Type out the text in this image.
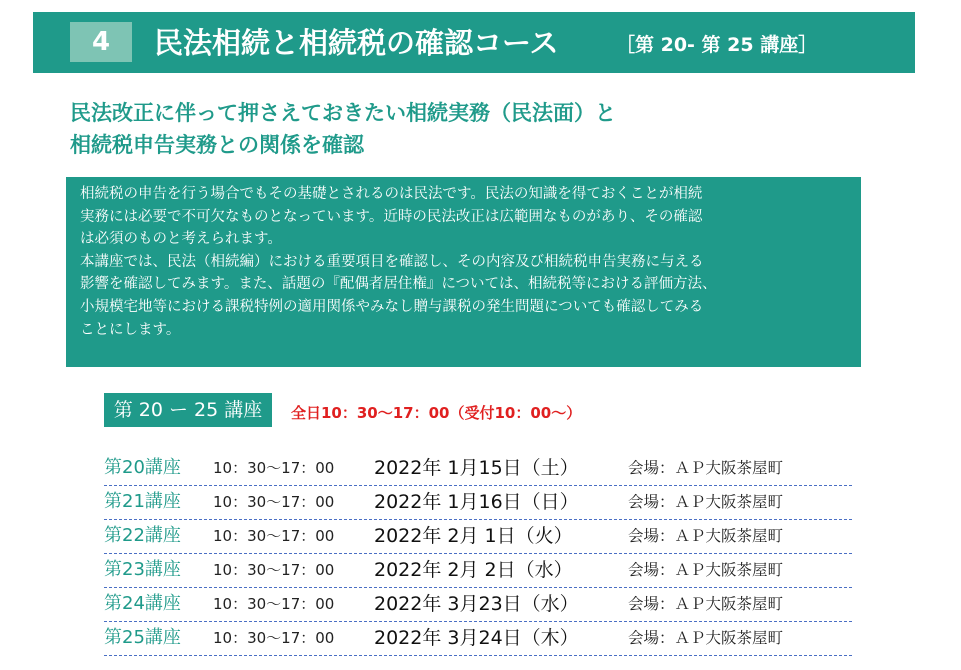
4	民法相続と相続税の確認コース	［第 20- 第 25 講座］
民法改正に伴って押さえておきたい相続実務（民法面）と
相続税申告実務との関係を確認
相続税の申告を行う場合でもその基礎とされるのは民法です。民法の知識を得ておくことが相続
実務には必要で不可欠なものとなっています。近時の民法改正は広範囲なものがあり、その確認
は必須のものと考えられます。
本講座では、民法（相続編）における重要項目を確認し、その内容及び相続税申告実務に与える
影響を確認してみます。また、話題の『配偶者居住権』については、相続税等における評価方法、
小規模宅地等における課税特例の適用関係やみなし贈与課税の発生問題についても確認してみる
ことにします。
第 20 ー 25 講座	全日10：30～17：00（受付10：00～）
第20講座 10：30～17：00 2022年 1月15日（土）	会場：ＡＰ大阪茶屋町
第21講座 10：30～17：00 2022年 1月16日（日）	会場：ＡＰ大阪茶屋町
第22講座 10：30～17：00 2022年 2月 1日（火）	会場：ＡＰ大阪茶屋町
第23講座 10：30～17：00 2022年 2月 2日（水）	会場：ＡＰ大阪茶屋町
第24講座 10：30～17：00 2022年 3月23日（水）	会場：ＡＰ大阪茶屋町
第25講座 10：30～17：00 2022年 3月24日（木）	会場：ＡＰ大阪茶屋町
